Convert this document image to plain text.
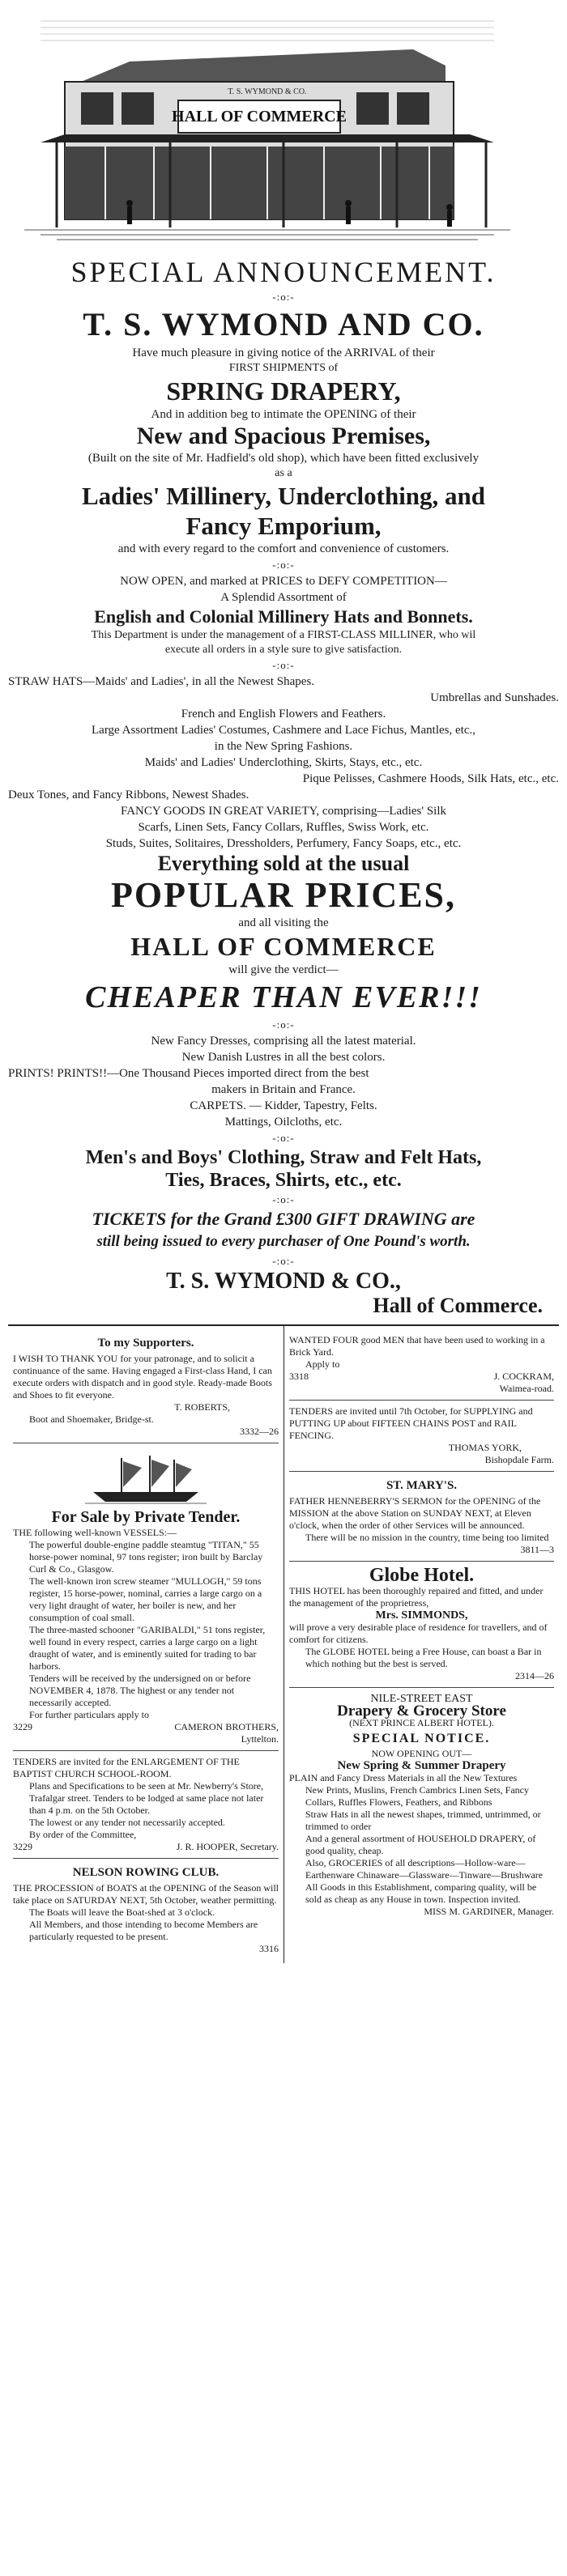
T. S. WYMOND & CO.
HALL OF COMMERCE
SPECIAL ANNOUNCEMENT.
-:o:-
T. S. WYMOND AND CO.
Have much pleasure in giving notice of the ARRIVAL of their
FIRST SHIPMENTS of
SPRING DRAPERY,
And in addition beg to intimate the OPENING of their
New and Spacious Premises,
(Built on the site of Mr. Hadfield's old shop), which have been fitted exclusively
as a
Ladies' Millinery, Underclothing, and
Fancy Emporium,
and with every regard to the comfort and convenience of customers.
-:o:-
NOW OPEN, and marked at PRICES to DEFY COMPETITION—
A Splendid Assortment of
English and Colonial Millinery Hats and Bonnets.
This Department is under the management of a FIRST-CLASS MILLINER, who wil
execute all orders in a style sure to give satisfaction.
-:o:-
STRAW HATS—Maids' and Ladies', in all the Newest Shapes.
Umbrellas and Sunshades.
French and English Flowers and Feathers.
Large Assortment Ladies' Costumes, Cashmere and Lace Fichus, Mantles, etc.,
in the New Spring Fashions.
Maids' and Ladies' Underclothing, Skirts, Stays, etc., etc.
Pique Pelisses, Cashmere Hoods, Silk Hats, etc., etc.
Deux Tones, and Fancy Ribbons, Newest Shades.
FANCY GOODS IN GREAT VARIETY, comprising—Ladies' Silk
Scarfs, Linen Sets, Fancy Collars, Ruffles, Swiss Work, etc.
Studs, Suites, Solitaires, Dressholders, Perfumery, Fancy Soaps, etc., etc.
Everything sold at the usual
POPULAR PRICES,
and all visiting the
HALL OF COMMERCE
will give the verdict—
CHEAPER THAN EVER!!!
-:o:-
New Fancy Dresses, comprising all the latest material.
New Danish Lustres in all the best colors.
PRINTS! PRINTS!!—One Thousand Pieces imported direct from the best
makers in Britain and France.
CARPETS. — Kidder, Tapestry, Felts.
Mattings, Oilcloths, etc.
-:o:-
Men's and Boys' Clothing, Straw and Felt Hats,
Ties, Braces, Shirts, etc., etc.
-:o:-
TICKETS for the Grand £300 GIFT DRAWING are
still being issued to every purchaser of One Pound's worth.
-:o:-
T. S. WYMOND & CO.,
Hall of Commerce.
To my Supporters.

I WISH TO THANK YOU for your patronage, and to solicit a continuance of the same. Having engaged a First-class Hand, I can execute orders with dispatch and in good style. Ready-made Boots and Shoes to fit everyone.

T. ROBERTS,
Boot and Shoemaker, Bridge-st.
3332—26
For Sale by Private Tender.

THE following well-known VESSELS:—

The powerful double-engine paddle steamtug "TITAN," 55 horse-power nominal, 97 tons register; iron built by Barclay Curl & Co., Glasgow.

The well-known iron screw steamer "MULLOGH," 59 tons register, 15 horse-power, nominal, carries a large cargo on a very light draught of water, her boiler is new, and her consumption of coal small.

The three-masted schooner "GARIBALDI," 51 tons register, well found in every respect, carries a large cargo on a light draught of water, and is eminently suited for trading to bar harbors.

Tenders will be received by the undersigned on or before NOVEMBER 4, 1878. The highest or any tender not necessarily accepted.

For further particulars apply to

3229	CAMERON BROTHERS,
Lyttelton.

TENDERS are invited for the ENLARGEMENT OF THE BAPTIST CHURCH SCHOOL-ROOM.

Plans and Specifications to be seen at Mr. Newberry's Store, Trafalgar street. Tenders to be lodged at same place not later than 4 p.m. on the 5th October.

The lowest or any tender not necessarily accepted.

By order of the Committee,

3229	J. R. HOOPER, Secretary.
NELSON ROWING CLUB.

THE PROCESSION of BOATS at the OPENING of the Season will take place on SATURDAY NEXT, 5th October, weather permitting.

The Boats will leave the Boat-shed at 3 o'clock.

All Members, and those intending to become Members are particularly requested to be present.

3316

WANTED FOUR good MEN that have been used to working in a Brick Yard.

Apply to

3318	J. COCKRAM,
Waimea-road.

TENDERS are invited until 7th October, for SUPPLYING and PUTTING UP about FIFTEEN CHAINS POST and RAIL FENCING.

THOMAS YORK,
Bishopdale Farm.
ST. MARY'S.

FATHER HENNEBERRY'S SERMON for the OPENING of the MISSION at the above Station on SUNDAY NEXT, at Eleven o'clock, when the order of other Services will be announced.

There will be no mission in the country, time being too limited

3811—3
Globe Hotel.

THIS HOTEL has been thoroughly repaired and fitted, and under the management of the proprietress,

Mrs. SIMMONDS,

will prove a very desirable place of residence for travellers, and of comfort for citizens.

The GLOBE HOTEL being a Free House, can boast a Bar in which nothing but the best is served.

2314—26
NILE-STREET EAST
Drapery & Grocery Store
(NEXT PRINCE ALBERT HOTEL).
SPECIAL NOTICE.
NOW OPENING OUT—
New Spring & Summer Drapery

PLAIN and Fancy Dress Materials in all the New Textures

New Prints, Muslins, French Cambrics Linen Sets, Fancy Collars, Ruffles Flowers, Feathers, and Ribbons

Straw Hats in all the newest shapes, trimmed, untrimmed, or trimmed to order

And a general assortment of HOUSEHOLD DRAPERY, of good quality, cheap.

Also, GROCERIES of all descriptions—Hollow-ware—Earthenware Chinaware—Glassware—Tinware—Brushware

All Goods in this Establishment, comparing quality, will be sold as cheap as any House in town. Inspection invited.

MISS M. GARDINER, Manager.
